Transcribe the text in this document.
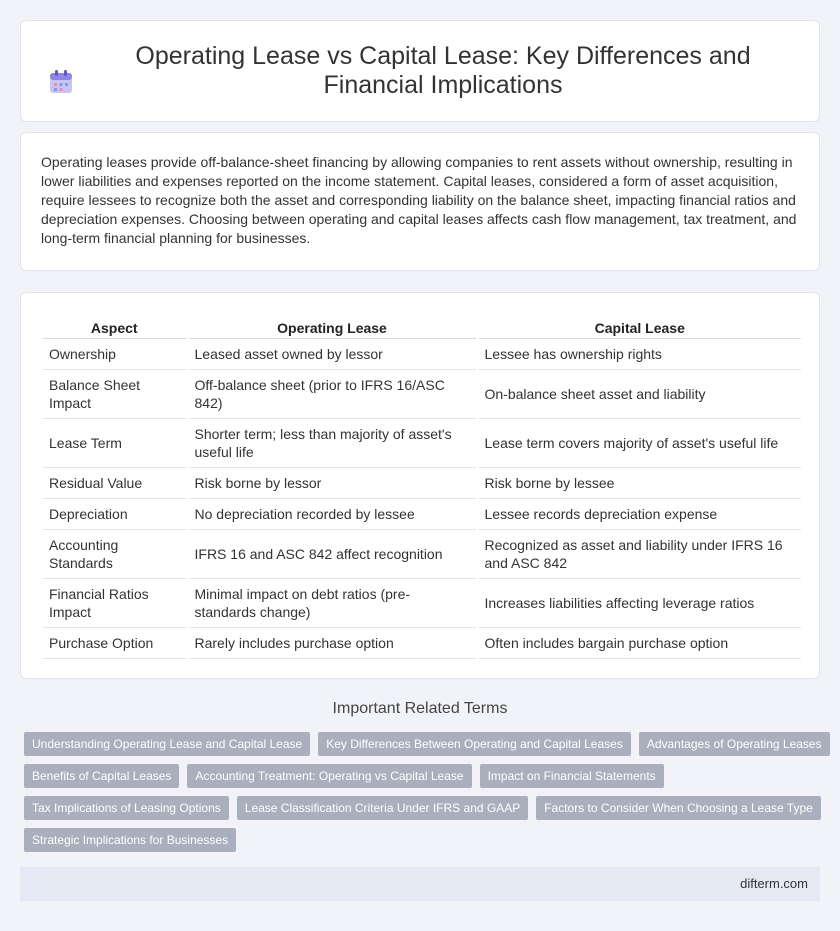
Operating Lease vs Capital Lease: Key Differences and Financial Implications

Operating leases provide off-balance-sheet financing by allowing companies to rent assets without ownership, resulting in lower liabilities and expenses reported on the income statement. Capital leases, considered a form of asset acquisition, require lessees to recognize both the asset and corresponding liability on the balance sheet, impacting financial ratios and depreciation expenses. Choosing between operating and capital leases affects cash flow management, tax treatment, and long-term financial planning for businesses.

Aspect	Operating Lease	Capital Lease
Ownership	Leased asset owned by lessor	Lessee has ownership rights
Balance Sheet Impact	Off-balance sheet (prior to IFRS 16/ASC 842)	On-balance sheet asset and liability
Lease Term	Shorter term; less than majority of asset's useful life	Lease term covers majority of asset's useful life
Residual Value	Risk borne by lessor	Risk borne by lessee
Depreciation	No depreciation recorded by lessee	Lessee records depreciation expense
Accounting Standards	IFRS 16 and ASC 842 affect recognition	Recognized as asset and liability under IFRS 16 and ASC 842
Financial Ratios Impact	Minimal impact on debt ratios (pre-standards change)	Increases liabilities affecting leverage ratios
Purchase Option	Rarely includes purchase option	Often includes bargain purchase option
Important Related Terms
Understanding Operating Lease and Capital Lease	Key Differences Between Operating and Capital Leases	Advantages of Operating Leases
Benefits of Capital Leases	Accounting Treatment: Operating vs Capital Lease	Impact on Financial Statements
Tax Implications of Leasing Options	Lease Classification Criteria Under IFRS and GAAP	Factors to Consider When Choosing a Lease Type
Strategic Implications for Businesses
difterm.com
